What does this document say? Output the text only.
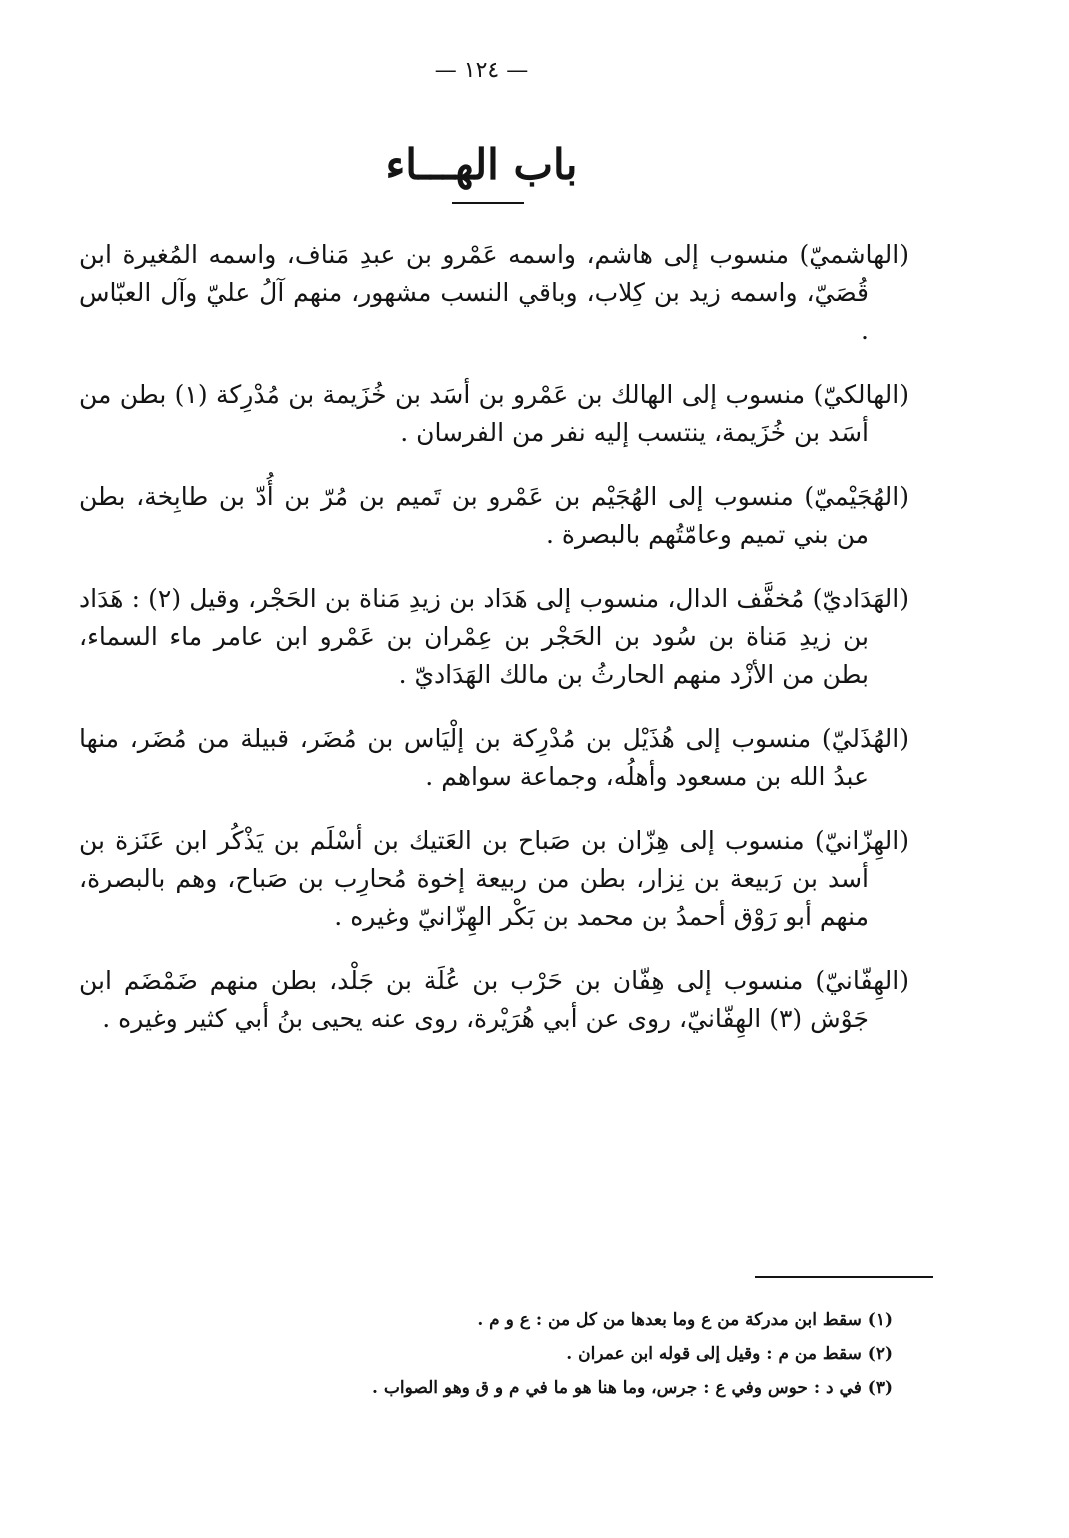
— ١٢٤ —
باب الهـــاء
(الهاشميّ) منسوب إلى هاشم، واسمه عَمْرو بن عبدِ مَناف، واسمه المُغيرة ابن قُصَيّ، واسمه زيد بن كِلاب، وباقي النسب مشهور، منهم آلُ عليّ وآل العبّاس .
(الهالكيّ) منسوب إلى الهالك بن عَمْرو بن أسَد بن خُزَيمة بن مُدْرِكة (١) بطن من أسَد بن خُزَيمة، ينتسب إليه نفر من الفرسان .
(الهُجَيْميّ) منسوب إلى الهُجَيْم بن عَمْرو بن تَميم بن مُرّ بن أُدّ بن طابِخة، بطن من بني تميم وعامّتُهم بالبصرة .
(الهَدَاديّ) مُخفَّف الدال، منسوب إلى هَدَاد بن زيدِ مَناة بن الحَجْر، وقيل (٢) : هَدَاد بن زيدِ مَناة بن سُود بن الحَجْر بن عِمْران بن عَمْرو ابن عامر ماء السماء، بطن من الأزْد منهم الحارثُ بن مالك الهَدَاديّ .
(الهُذَليّ) منسوب إلى هُذَيْل بن مُدْرِكة بن إلْيَاس بن مُضَر، قبيلة من مُضَر، منها عبدُ الله بن مسعود وأهلُه، وجماعة سواهم .
(الهِزّانيّ) منسوب إلى هِزّان بن صَباح بن العَتيك بن أسْلَم بن يَذْكُر ابن عَنَزة بن أسد بن رَبيعة بن نِزار، بطن من ربيعة إخوة مُحارِب بن صَباح، وهم بالبصرة، منهم أبو رَوْق أحمدُ بن محمد بن بَكْر الهِزّانيّ وغيره .
(الهِفّانيّ) منسوب إلى هِفّان بن حَرْب بن عُلَة بن جَلْد، بطن منهم ضَمْضَم ابن جَوْش (٣) الهِفّانيّ، روى عن أبي هُرَيْرة، روى عنه يحيى بنُ أبي كثير وغيره .
(١) سقط ابن مدركة من ع وما بعدها من كل من : ع و م .
(٢) سقط من م : وقيل إلى قوله ابن عمران .
(٣) في د : حوس وفي ع : جرس، وما هنا هو ما في م و ق وهو الصواب .
